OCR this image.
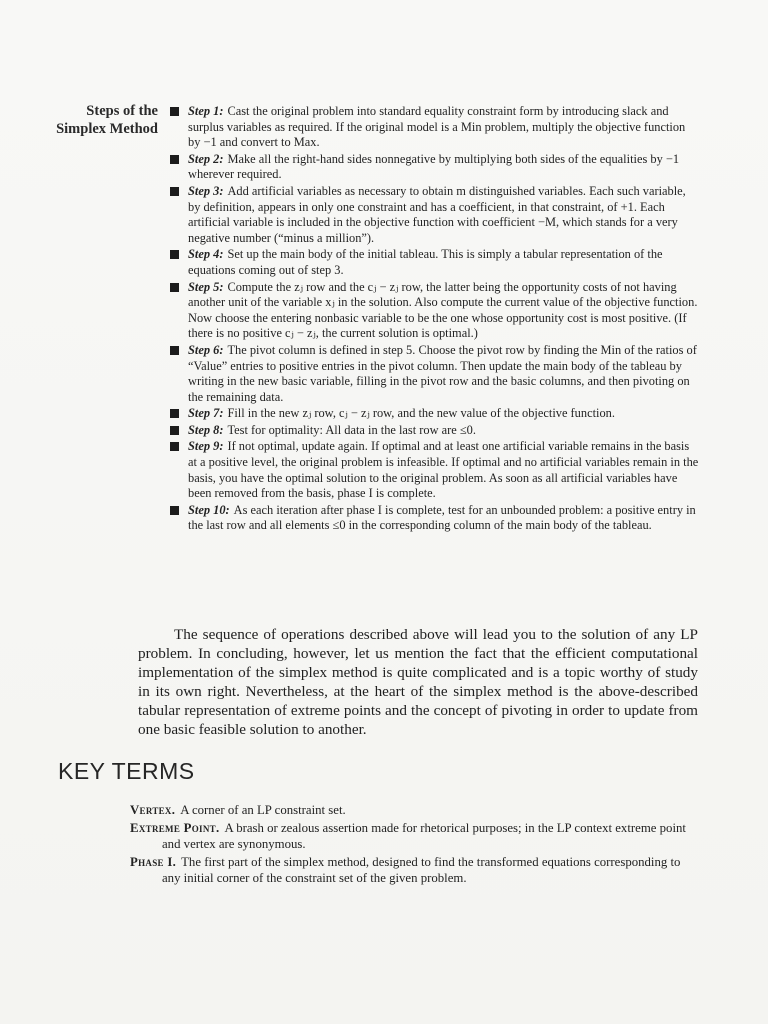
Steps of the
Simplex Method
Step 1: Cast the original problem into standard equality constraint form by introducing slack and surplus variables as required. If the original model is a Min problem, multiply the objective function by −1 and convert to Max.
Step 2: Make all the right-hand sides nonnegative by multiplying both sides of the equalities by −1 wherever required.
Step 3: Add artificial variables as necessary to obtain m distinguished variables. Each such variable, by definition, appears in only one constraint and has a coefficient, in that constraint, of +1. Each artificial variable is included in the objective function with coefficient −M, which stands for a very negative number (“minus a million”).
Step 4: Set up the main body of the initial tableau. This is simply a tabular representation of the equations coming out of step 3.
Step 5: Compute the zⱼ row and the cⱼ − zⱼ row, the latter being the opportunity costs of not having another unit of the variable xⱼ in the solution. Also compute the current value of the objective function. Now choose the entering nonbasic variable to be the one whose opportunity cost is most positive. (If there is no positive cⱼ − zⱼ, the current solution is optimal.)
Step 6: The pivot column is defined in step 5. Choose the pivot row by finding the Min of the ratios of “Value” entries to positive entries in the pivot column. Then update the main body of the tableau by writing in the new basic variable, filling in the pivot row and the basic columns, and then pivoting on the remaining data.
Step 7: Fill in the new zⱼ row, cⱼ − zⱼ row, and the new value of the objective function.
Step 8: Test for optimality: All data in the last row are ≤0.
Step 9: If not optimal, update again. If optimal and at least one artificial variable remains in the basis at a positive level, the original problem is infeasible. If optimal and no artificial variables remain in the basis, you have the optimal solution to the original problem. As soon as all artificial variables have been removed from the basis, phase I is complete.
Step 10: As each iteration after phase I is complete, test for an unbounded problem: a positive entry in the last row and all elements ≤0 in the corresponding column of the main body of the tableau.

The sequence of operations described above will lead you to the solution of any LP problem. In concluding, however, let us mention the fact that the efficient computational implementation of the simplex method is quite complicated and is a topic worthy of study in its own right. Nevertheless, at the heart of the simplex method is the above-described tabular representation of extreme points and the concept of pivoting in order to update from one basic feasible solution to another.

KEY TERMS
Vertex. A corner of an LP constraint set.
Extreme Point. A brash or zealous assertion made for rhetorical purposes; in the LP context extreme point and vertex are synonymous.
Phase I. The first part of the simplex method, designed to find the transformed equations corresponding to any initial corner of the constraint set of the given problem.
